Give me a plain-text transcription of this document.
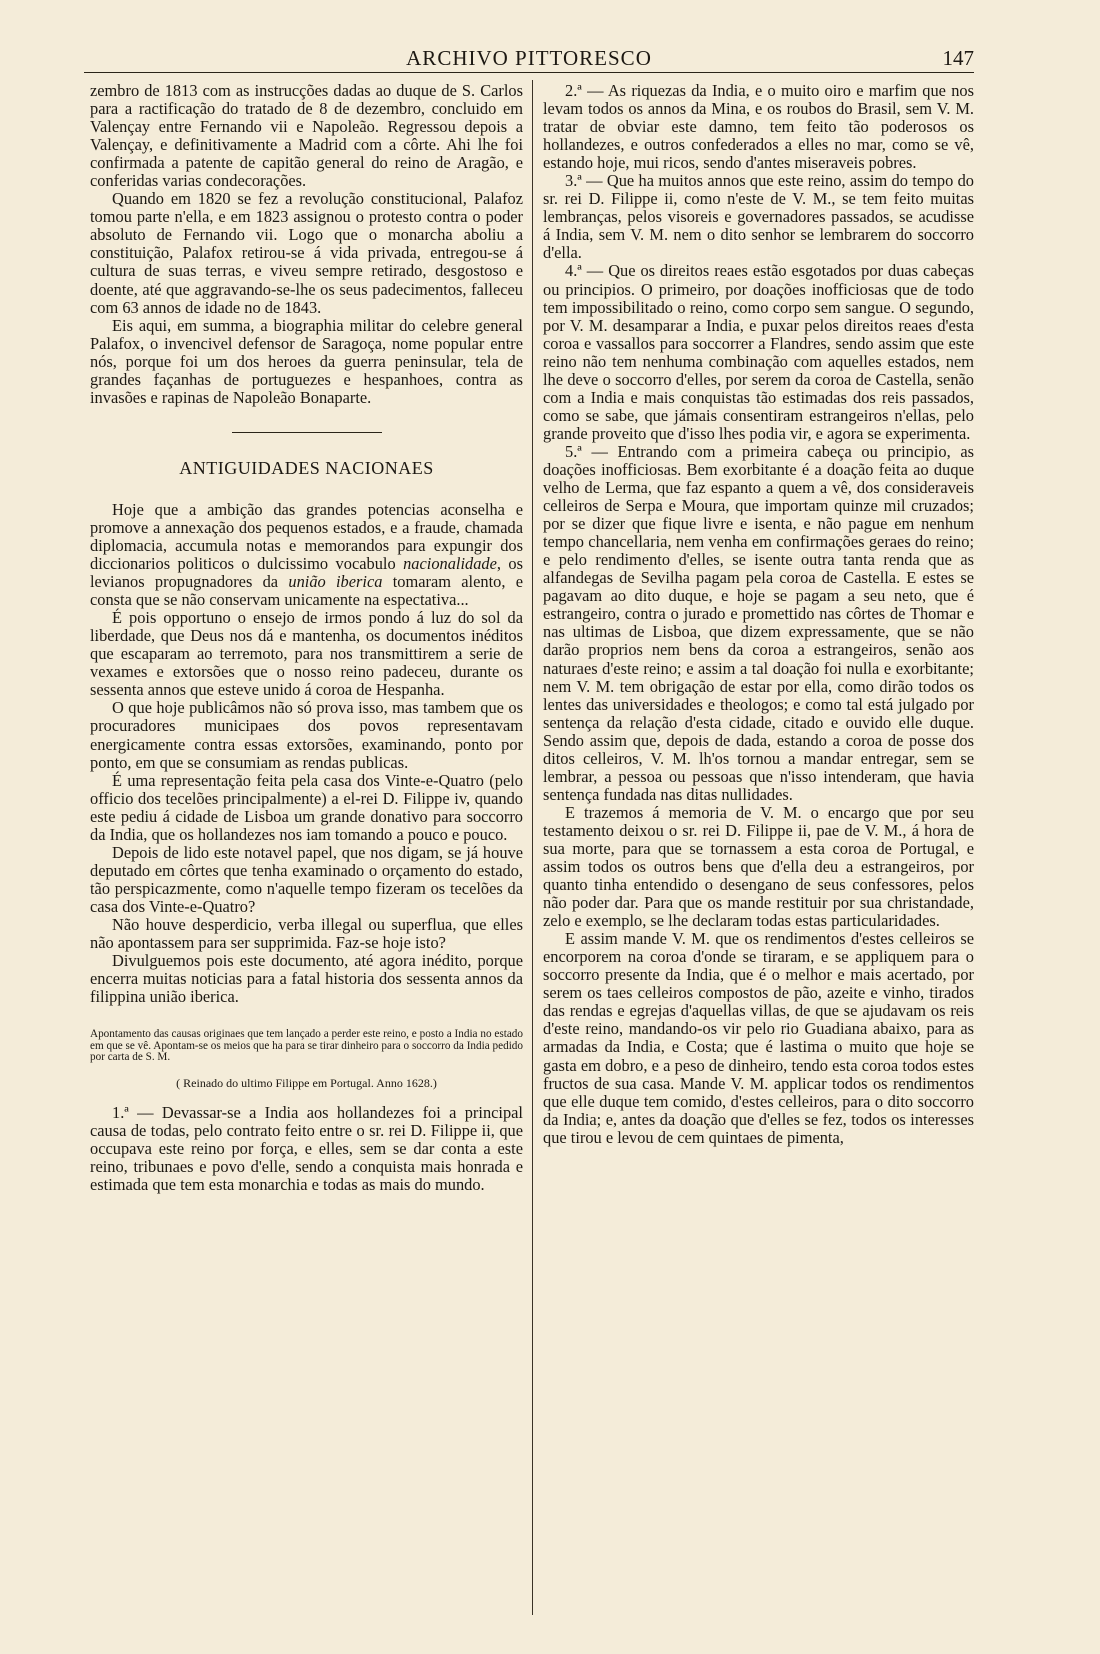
ARCHIVO PITTORESCO	147

zembro de 1813 com as instrucções dadas ao duque de S. Carlos para a ractificação do tratado de 8 de dezembro, concluido em Valençay entre Fernando vii e Napoleão. Regressou depois a Valençay, e definitivamente a Madrid com a côrte. Ahi lhe foi confirmada a patente de capitão general do reino de Aragão, e conferidas varias condecorações.

Quando em 1820 se fez a revolução constitucional, Palafoz tomou parte n'ella, e em 1823 assignou o protesto contra o poder absoluto de Fernando vii. Logo que o monarcha aboliu a constituição, Palafox retirou-se á vida privada, entregou-se á cultura de suas terras, e viveu sempre retirado, desgostoso e doente, até que aggravando-se-lhe os seus padecimentos, falleceu com 63 annos de idade no de 1843.

Eis aqui, em summa, a biographia militar do celebre general Palafox, o invencivel defensor de Saragoça, nome popular entre nós, porque foi um dos heroes da guerra peninsular, tela de grandes façanhas de portuguezes e hespanhoes, contra as invasões e rapinas de Napoleão Bonaparte.

ANTIGUIDADES NACIONAES

Hoje que a ambição das grandes potencias aconselha e promove a annexação dos pequenos estados, e a fraude, chamada diplomacia, accumula notas e memorandos para expungir dos diccionarios politicos o dulcissimo vocabulo nacionalidade, os levianos propugnadores da união iberica tomaram alento, e consta que se não conservam unicamente na espectativa...

É pois opportuno o ensejo de irmos pondo á luz do sol da liberdade, que Deus nos dá e mantenha, os documentos inéditos que escaparam ao terremoto, para nos transmittirem a serie de vexames e extorsões que o nosso reino padeceu, durante os sessenta annos que esteve unido á coroa de Hespanha.

O que hoje publicâmos não só prova isso, mas tambem que os procuradores municipaes dos povos representavam energicamente contra essas extorsões, examinando, ponto por ponto, em que se consumiam as rendas publicas.

É uma representação feita pela casa dos Vinte-e-Quatro (pelo officio dos tecelões principalmente) a el-rei D. Filippe iv, quando este pediu á cidade de Lisboa um grande donativo para soccorro da India, que os hollandezes nos iam tomando a pouco e pouco.

Depois de lido este notavel papel, que nos digam, se já houve deputado em côrtes que tenha examinado o orçamento do estado, tão perspicazmente, como n'aquelle tempo fizeram os tecelões da casa dos Vinte-e-Quatro?

Não houve desperdicio, verba illegal ou superflua, que elles não apontassem para ser supprimida. Faz-se hoje isto?

Divulguemos pois este documento, até agora inédito, porque encerra muitas noticias para a fatal historia dos sessenta annos da filippina união iberica.

Apontamento das causas originaes que tem lançado a perder este reino, e posto a India no estado em que se vê. Apontam-se os meios que ha para se tirar dinheiro para o soccorro da India pedido por carta de S. M.

( Reinado do ultimo Filippe em Portugal. Anno 1628.)

1.ª — Devassar-se a India aos hollandezes foi a principal causa de todas, pelo contrato feito entre o sr. rei D. Filippe ii, que occupava este reino por força, e elles, sem se dar conta a este reino, tribunaes e povo d'elle, sendo a conquista mais honrada e estimada que tem esta monarchia e todas as mais do mundo.

2.ª — As riquezas da India, e o muito oiro e marfim que nos levam todos os annos da Mina, e os roubos do Brasil, sem V. M. tratar de obviar este damno, tem feito tão poderosos os hollandezes, e outros confederados a elles no mar, como se vê, estando hoje, mui ricos, sendo d'antes miseraveis pobres.

3.ª — Que ha muitos annos que este reino, assim do tempo do sr. rei D. Filippe ii, como n'este de V. M., se tem feito muitas lembranças, pelos visoreis e governadores passados, se acudisse á India, sem V. M. nem o dito senhor se lembrarem do soccorro d'ella.

4.ª — Que os direitos reaes estão esgotados por duas cabeças ou principios. O primeiro, por doações inofficiosas que de todo tem impossibilitado o reino, como corpo sem sangue. O segundo, por V. M. desamparar a India, e puxar pelos direitos reaes d'esta coroa e vassallos para soccorrer a Flandres, sendo assim que este reino não tem nenhuma combinação com aquelles estados, nem lhe deve o soccorro d'elles, por serem da coroa de Castella, senão com a India e mais conquistas tão estimadas dos reis passados, como se sabe, que jámais consentiram estrangeiros n'ellas, pelo grande proveito que d'isso lhes podia vir, e agora se experimenta.

5.ª — Entrando com a primeira cabeça ou principio, as doações inofficiosas. Bem exorbitante é a doação feita ao duque velho de Lerma, que faz espanto a quem a vê, dos consideraveis celleiros de Serpa e Moura, que importam quinze mil cruzados; por se dizer que fique livre e isenta, e não pague em nenhum tempo chancellaria, nem venha em confirmações geraes do reino; e pelo rendimento d'elles, se isente outra tanta renda que as alfandegas de Sevilha pagam pela coroa de Castella. E estes se pagavam ao dito duque, e hoje se pagam a seu neto, que é estrangeiro, contra o jurado e promettido nas côrtes de Thomar e nas ultimas de Lisboa, que dizem expressamente, que se não darão proprios nem bens da coroa a estrangeiros, senão aos naturaes d'este reino; e assim a tal doação foi nulla e exorbitante; nem V. M. tem obrigação de estar por ella, como dirão todos os lentes das universidades e theologos; e como tal está julgado por sentença da relação d'esta cidade, citado e ouvido elle duque. Sendo assim que, depois de dada, estando a coroa de posse dos ditos celleiros, V. M. lh'os tornou a mandar entregar, sem se lembrar, a pessoa ou pessoas que n'isso intenderam, que havia sentença fundada nas ditas nullidades.

E trazemos á memoria de V. M. o encargo que por seu testamento deixou o sr. rei D. Filippe ii, pae de V. M., á hora de sua morte, para que se tornassem a esta coroa de Portugal, e assim todos os outros bens que d'ella deu a estrangeiros, por quanto tinha entendido o desengano de seus confessores, pelos não poder dar. Para que os mande restituir por sua christandade, zelo e exemplo, se lhe declaram todas estas particularidades.

E assim mande V. M. que os rendimentos d'estes celleiros se encorporem na coroa d'onde se tiraram, e se appliquem para o soccorro presente da India, que é o melhor e mais acertado, por serem os taes celleiros compostos de pão, azeite e vinho, tirados das rendas e egrejas d'aquellas villas, de que se ajudavam os reis d'este reino, mandando-os vir pelo rio Guadiana abaixo, para as armadas da India, e Costa; que é lastima o muito que hoje se gasta em dobro, e a peso de dinheiro, tendo esta coroa todos estes fructos de sua casa. Mande V. M. applicar todos os rendimentos que elle duque tem comido, d'estes celleiros, para o dito soccorro da India; e, antes da doação que d'elles se fez, todos os interesses que tirou e levou de cem quintaes de pimenta,
